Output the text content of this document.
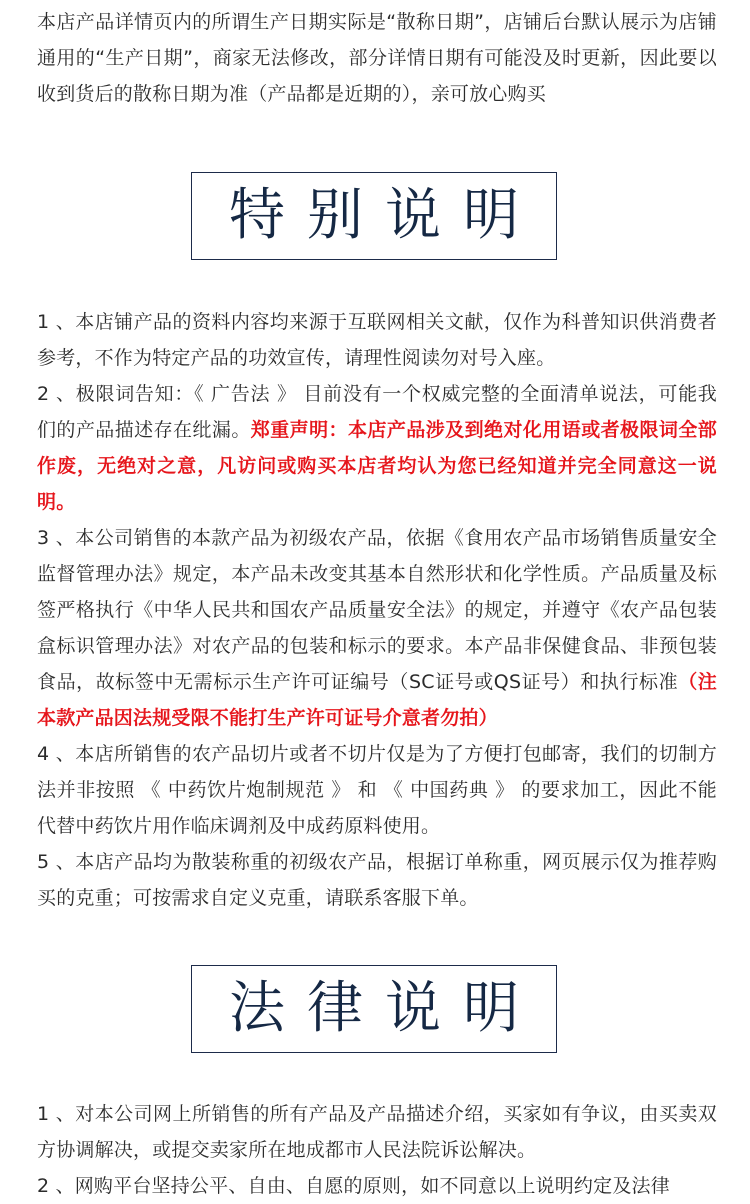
本店产品详情页内的所谓生产日期实际是“散称日期”，店铺后台默认展示为店铺通用的“生产日期”，商家无法修改，部分详情日期有可能没及时更新，因此要以收到货后的散称日期为准（产品都是近期的），亲可放心购买

特别说明

1 、本店铺产品的资料内容均来源于互联网相关文献，仅作为科普知识供消费者参考，不作为特定产品的功效宣传，请理性阅读勿对号入座。

2 、极限词告知：《 广告法 》 目前没有一个权威完整的全面清单说法，可能我们的产品描述存在纰漏。郑重声明：本店产品涉及到绝对化用语或者极限词全部作废，无绝对之意，凡访问或购买本店者均认为您已经知道并完全同意这一说明。

3 、本公司销售的本款产品为初级农产品，依据《食用农产品市场销售质量安全监督管理办法》规定，本产品未改变其基本自然形状和化学性质。产品质量及标签严格执行《中华人民共和国农产品质量安全法》的规定，并遵守《农产品包装盒标识管理办法》对农产品的包装和标示的要求。本产品非保健食品、非预包装食品，故标签中无需标示生产许可证编号（SC证号或QS证号）和执行标准（注本款产品因法规受限不能打生产许可证号介意者勿拍）

4 、本店所销售的农产品切片或者不切片仅是为了方便打包邮寄，我们的切制方法并非按照 《 中药饮片炮制规范 》 和 《 中国药典 》 的要求加工，因此不能代替中药饮片用作临床调剂及中成药原料使用。

5 、本店产品均为散装称重的初级农产品，根据订单称重，网页展示仅为推荐购买的克重；可按需求自定义克重，请联系客服下单。

法律说明

1 、对本公司网上所销售的所有产品及产品描述介绍，买家如有争议，由买卖双方协调解决，或提交卖家所在地成都市人民法院诉讼解决。

2 、网购平台坚持公平、自由、自愿的原则，如不同意以上说明约定及法律
